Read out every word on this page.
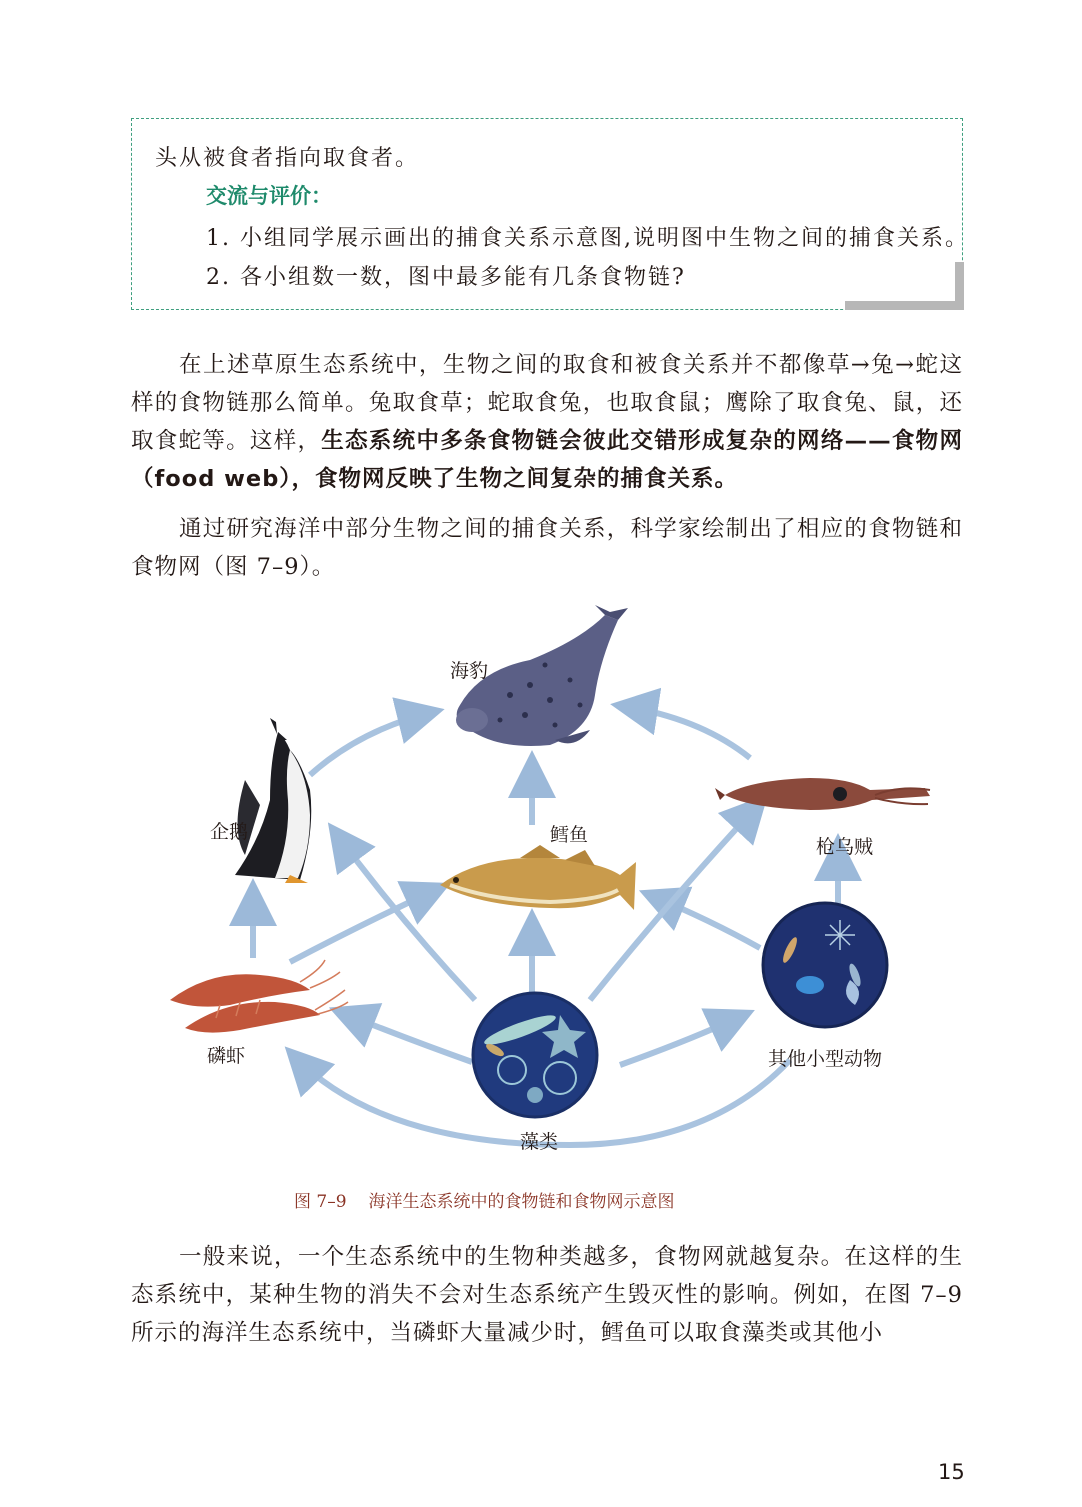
头从被食者指向取食者。
交流与评价：
1. 小组同学展示画出的捕食关系示意图,说明图中生物之间的捕食关系。
2. 各小组数一数，图中最多能有几条食物链?

在上述草原生态系统中，生物之间的取食和被食关系并不都像草→兔→蛇这样的食物链那么简单。兔取食草；蛇取食兔，也取食鼠；鹰除了取食兔、鼠，还取食蛇等。这样，生态系统中多条食物链会彼此交错形成复杂的网络——食物网（food web），食物网反映了生物之间复杂的捕食关系。

通过研究海洋中部分生物之间的捕食关系，科学家绘制出了相应的食物链和食物网（图 7–9）。

海豹
企鹅	鳕鱼
枪乌贼
磷虾
藻类
其他小型动物
图 7–9 海洋生态系统中的食物链和食物网示意图

一般来说，一个生态系统中的生物种类越多，食物网就越复杂。在这样的生态系统中，某种生物的消失不会对生态系统产生毁灭性的影响。例如，在图 7–9 所示的海洋生态系统中，当磷虾大量减少时，鳕鱼可以取食藻类或其他小

15
